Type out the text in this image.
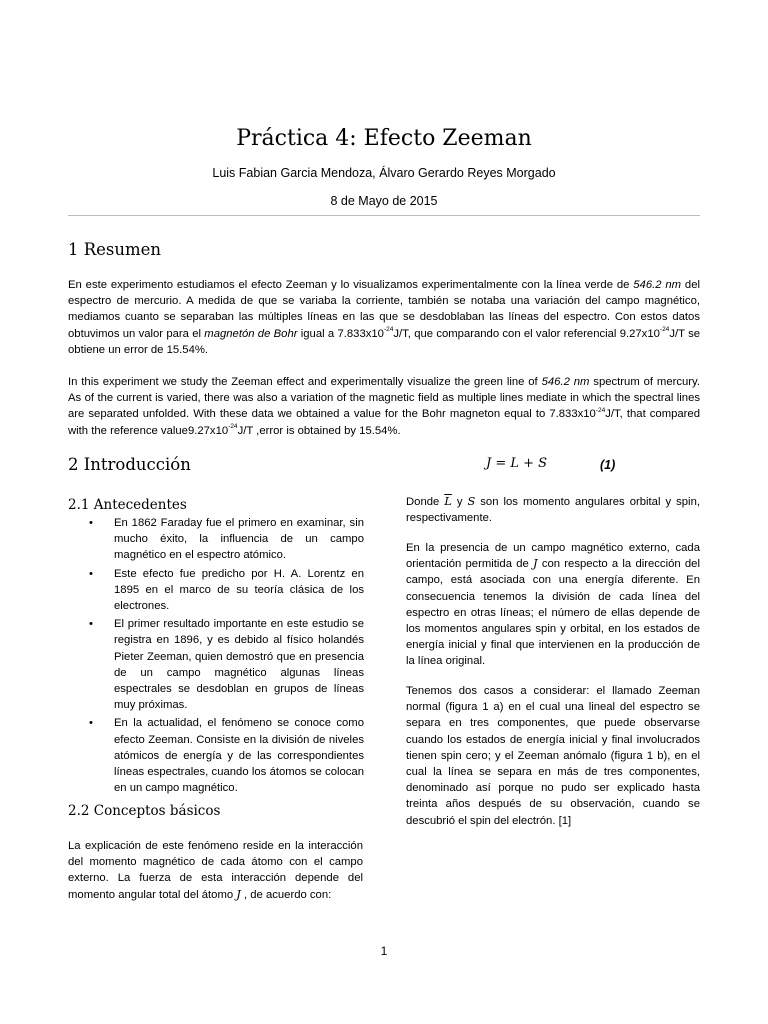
Práctica 4: Efecto Zeeman
Luis Fabian Garcia Mendoza, Álvaro Gerardo Reyes Morgado
8 de Mayo de 2015
1 Resumen

En este experimento estudiamos el efecto Zeeman y lo visualizamos experimentalmente con la línea verde de 546.2 nm del espectro de mercurio. A medida de que se variaba la corriente, también se notaba una variación del campo magnético, mediamos cuanto se separaban las múltiples líneas en las que se desdoblaban las líneas del espectro. Con estos datos obtuvimos un valor para el magnetón de Bohr igual a $7.833x10^{-24}J/T$, que comparando con el valor referencial $9.27x10^{-24}J/T$ se obtiene un error de 15.54%.

In this experiment we study the Zeeman effect and experimentally visualize the green line of 546.2 nm spectrum of mercury. As of the current is varied, there was also a variation of the magnetic field as multiple lines mediate in which the spectral lines are separated unfolded. With these data we obtained a value for the Bohr magneton equal to $7.833x10^{-24}J/T$, that compared with the reference $value9.27x10^{-24}J/T$ ,error is obtained by 15.54%.

2 Introducción	J = L + S	(1)
2.1 Antecedentes
• En 1862 Faraday fue el primero en examinar, sin mucho éxito, la influencia de un campo magnético en el espectro atómico.
• Este efecto fue predicho por H. A. Lorentz en 1895 en el marco de su teoría clásica de los electrones.
• El primer resultado importante en este estudio se registra en 1896, y es debido al físico holandés Pieter Zeeman, quien demostró que en presencia de un campo magnético algunas líneas espectrales se desdoblan en grupos de líneas muy próximas.
• En la actualidad, el fenómeno se conoce como efecto Zeeman. Consiste en la división de niveles atómicos de energía y de las correspondientes líneas espectrales, cuando los átomos se colocan en un campo magnético.
2.2 Conceptos básicos

La explicación de este fenómeno reside en la interacción del momento magnético de cada átomo con el campo externo. La fuerza de esta interacción depende del momento angular total del átomo J , de acuerdo con:

Donde $\overline{L}$ y S son los momento angulares orbital y spin, respectivamente.

En la presencia de un campo magnético externo, cada orientación permitida de J con respecto a la dirección del campo, está asociada con una energía diferente. En consecuencia tenemos la división de cada línea del espectro en otras líneas; el número de ellas depende de los momentos angulares spin y orbital, en los estados de energía inicial y final que intervienen en la producción de la línea original.

Tenemos dos casos a considerar: el llamado Zeeman normal (figura 1 a) en el cual una lineal del espectro se separa en tres componentes, que puede observarse cuando los estados de energía inicial y final involucrados tienen spin cero; y el Zeeman anómalo (figura 1 b), en el cual la línea se separa en más de tres componentes, denominado así porque no pudo ser explicado hasta treinta años después de su observación, cuando se descubrió el spin del electrón. [1]

1
